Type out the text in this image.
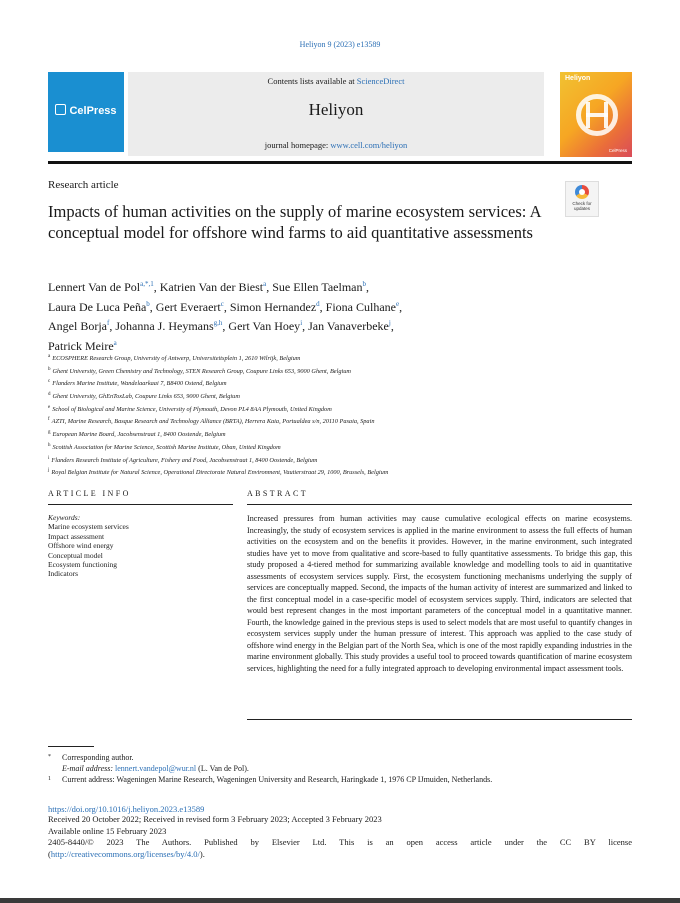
Heliyon 9 (2023) e13589
CelPress
Contents lists available at ScienceDirect
Heliyon
journal homepage: www.cell.com/heliyon
Heliyon
CelPress
Research article
Check for
updates
Impacts of human activities on the supply of marine ecosystem services: A conceptual model for offshore wind farms to aid quantitative assessments
Lennert Van de Pol$^{a,*,1}$, Katrien Van der Biest$^a$, Sue Ellen Taelman$^b$,
Laura De Luca Peña$^b$, Gert Everaert$^c$, Simon Hernandez$^d$, Fiona Culhane$^e$,
Angel Borja$^f$, Johanna J. Heymans$^{g,h}$, Gert Van Hoey$^i$, Jan Vanaverbeke$^j$,
Patrick Meire$^a$
$^a$ ECOSPHERE Research Group, University of Antwerp, Universiteitsplein 1, 2610 Wilrijk, Belgium
$^b$ Ghent University, Green Chemistry and Technology, STEN Research Group, Coupure Links 653, 9000 Ghent, Belgium
$^c$ Flanders Marine Institute, Wandelaarkaai 7, B8400 Ostend, Belgium
$^d$ Ghent University, GhEnToxLab, Coupure Links 653, 9000 Ghent, Belgium
$^e$ School of Biological and Marine Science, University of Plymouth, Devon PL4 8AA Plymouth, United Kingdom
$^f$ AZTI, Marine Research, Basque Research and Technology Alliance (BRTA), Herrera Kaia, Portualdea s/n, 20110 Pasaia, Spain
$^g$ European Marine Board, Jacobsenstraat 1, 8400 Oostende, Belgium
$^h$ Scottish Association for Marine Science, Scottish Marine Institute, Oban, United Kingdom
$^i$ Flanders Research Institute of Agriculture, Fishery and Food, Jacobsenstraat 1, 8400 Oostende, Belgium
$^j$ Royal Belgian Institute for Natural Science, Operational Directorate Natural Environment, Vautierstraat 29, 1000, Brussels, Belgium
ARTICLE INFO	ABSTRACT
Keywords:
Marine ecosystem services
Impact assessment
Offshore wind energy
Conceptual model
Ecosystem functioning
Indicators
Increased pressures from human activities may cause cumulative ecological effects on marine ecosystems. Increasingly, the study of ecosystem services is applied in the marine environment to assess the full effects of human activities on the ecosystem and on the benefits it provides. However, in the marine environment, such integrated studies have yet to move from qualitative and score-based to fully quantitative assessments. To bridge this gap, this study proposed a 4-tiered method for summarizing available knowledge and modelling tools to aid in quantitative assessments of ecosystem services supply. First, the ecosystem functioning mechanisms underlying the supply of services are conceptually mapped. Second, the impacts of the human activity of interest are summarized and linked to the first conceptual model in a case-specific model of ecosystem services supply. Third, indicators are selected that would best represent changes in the most important parameters of the conceptual model in a quantitative manner. Fourth, the knowledge gained in the previous steps is used to select models that are most useful to quantify changes in ecosystem services supply under the human pressure of interest. This approach was applied to the case study of offshore wind energy in the Belgian part of the North Sea, which is one of the most rapidly expanding industries in the marine environment globally. This study provides a useful tool to proceed towards quantification of marine ecosystem services, highlighting the need for a fully integrated approach to developing environmental impact assessment tools.
* Corresponding author.
E-mail address: lennert.vandepol@wur.nl (L. Van de Pol).
1 Current address: Wageningen Marine Research, Wageningen University and Research, Haringkade 1, 1976 CP IJmuiden, Netherlands.
https://doi.org/10.1016/j.heliyon.2023.e13589
Received 20 October 2022; Received in revised form 3 February 2023; Accepted 3 February 2023
Available online 15 February 2023
2405-8440/© 2023 The Authors. Published by Elsevier Ltd. This is an open access article under the CC BY license
(http://creativecommons.org/licenses/by/4.0/).
